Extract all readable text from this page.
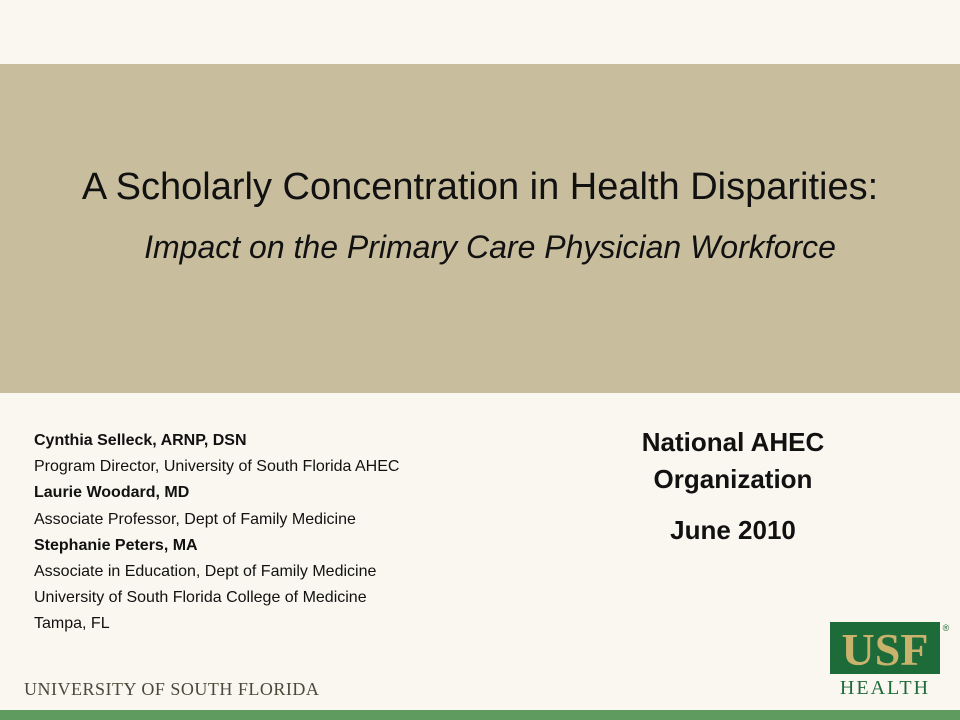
A Scholarly Concentration in Health Disparities:
Impact on the Primary Care Physician Workforce
Cynthia Selleck, ARNP, DSN
Program Director, University of South Florida AHEC
Laurie Woodard, MD
Associate Professor, Dept of Family Medicine
Stephanie Peters, MA
Associate in Education, Dept of Family Medicine
University of South Florida College of Medicine
Tampa, FL
National AHEC
Organization
June 2010
UNIVERSITY OF SOUTH FLORIDA
USF ®
HEALTH
